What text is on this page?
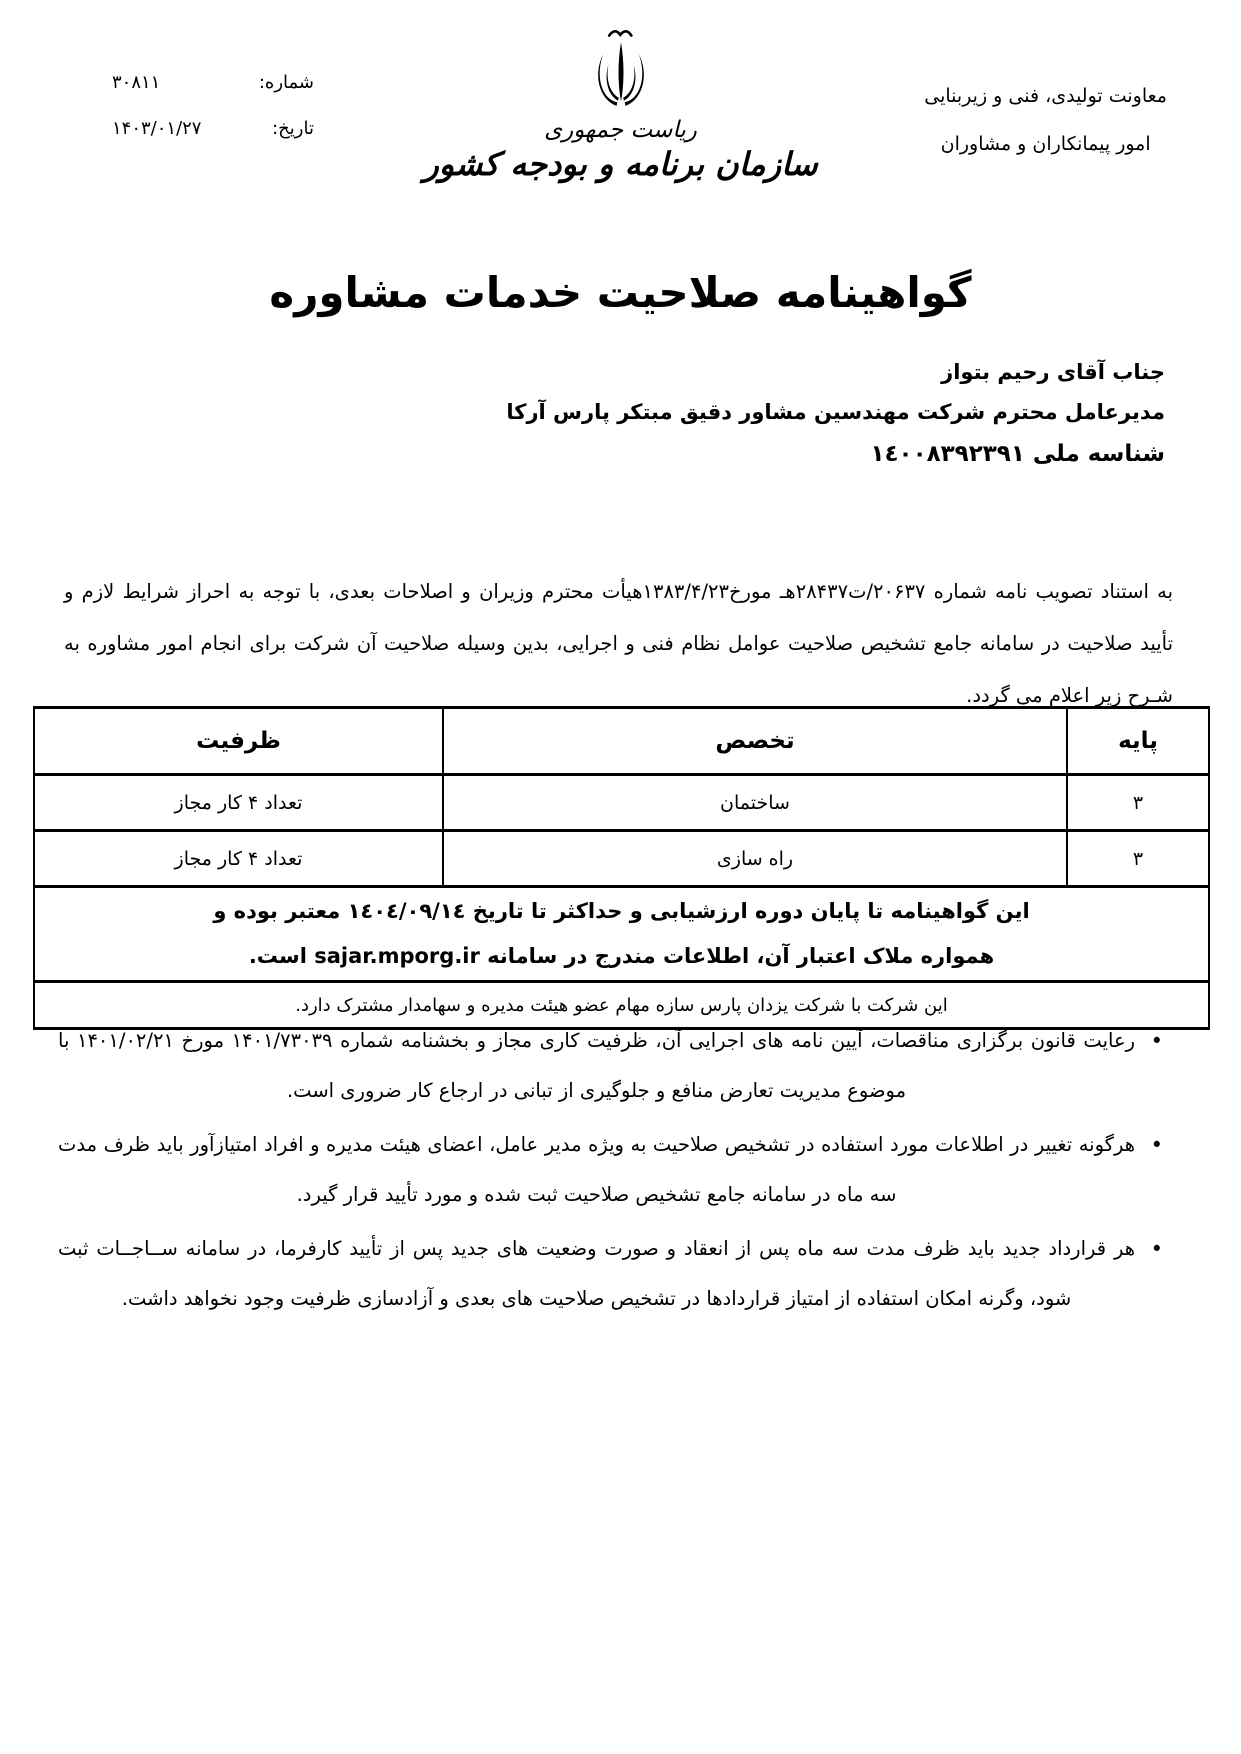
شماره:
۳۰۸۱۱
تاریخ:
۱۴۰۳/۰۱/۲۷	ریاست جمهوری
سازمان برنامه و بودجه کشور
معاونت تولیدی، فنی و زیربنایی
امور پیمانکاران و مشاوران
گواهینامه صلاحیت خدمات مشاوره
جناب آقای رحیم بتواز
مدیرعامل محترم شرکت مهندسین مشاور دقیق مبتکر پارس آرکا
شناسه ملی ۱٤۰۰۸۳۹۲۳۹۱

به استناد تصویب نامه شماره ۲۰۶۳۷/ت۲۸۴۳۷هـ مورخ۱۳۸۳/۴/۲۳هیأت محترم وزیران و اصلاحات بعدی، با توجه به احراز شرایط لازم و تأیید صلاحیت در سامانه جامع تشخیص صلاحیت عوامل نظام فنی و اجرایی، بدین وسیله صلاحیت آن شرکت برای انجام امور مشاوره به شـرح زیر اعلام می گردد.

پایه	تخصص	ظرفیت
۳	ساختمان	تعداد ۴ کار مجاز
۳	راه سازی	تعداد ۴ کار مجاز

این گواهینامه تا پایان دوره ارزشیابی و حداکثر تا تاریخ ۱٤۰٤/۰۹/۱٤ معتبر بوده و
همواره ملاک اعتبار آن، اطلاعات مندرج در سامانه sajar.mporg.ir است.		

این شرکت با شرکت یزدان پارس سازه مهام عضو هیئت مدیره و سهامدار مشترک دارد.		
•
رعایت قانون برگزاری مناقصات، آیین نامه های اجرایی آن، ظرفیت کاری مجاز و بخشنامه شماره ۱۴۰۱/۷۳۰۳۹ مورخ ۱۴۰۱/۰۲/۲۱ با موضوع مدیریت تعارض منافع و جلوگیری از تبانی در ارجاع کار ضروری است.
•
هرگونه تغییر در اطلاعات مورد استفاده در تشخیص صلاحیت به ویژه مدیر عامل، اعضای هیئت مدیره و افراد امتیازآور باید ظرف مدت سه ماه در سامانه جامع تشخیص صلاحیت ثبت شده و مورد تأیید قرار گیرد.
•
هر قرارداد جدید باید ظرف مدت سه ماه پس از انعقاد و صورت وضعیت های جدید پس از تأیید کارفرما، در سامانه ســاجــات ثبت شود، وگرنه امکان استفاده از امتیاز قراردادها در تشخیص صلاحیت های بعدی و آزادسازی ظرفیت وجود نخواهد داشت.
